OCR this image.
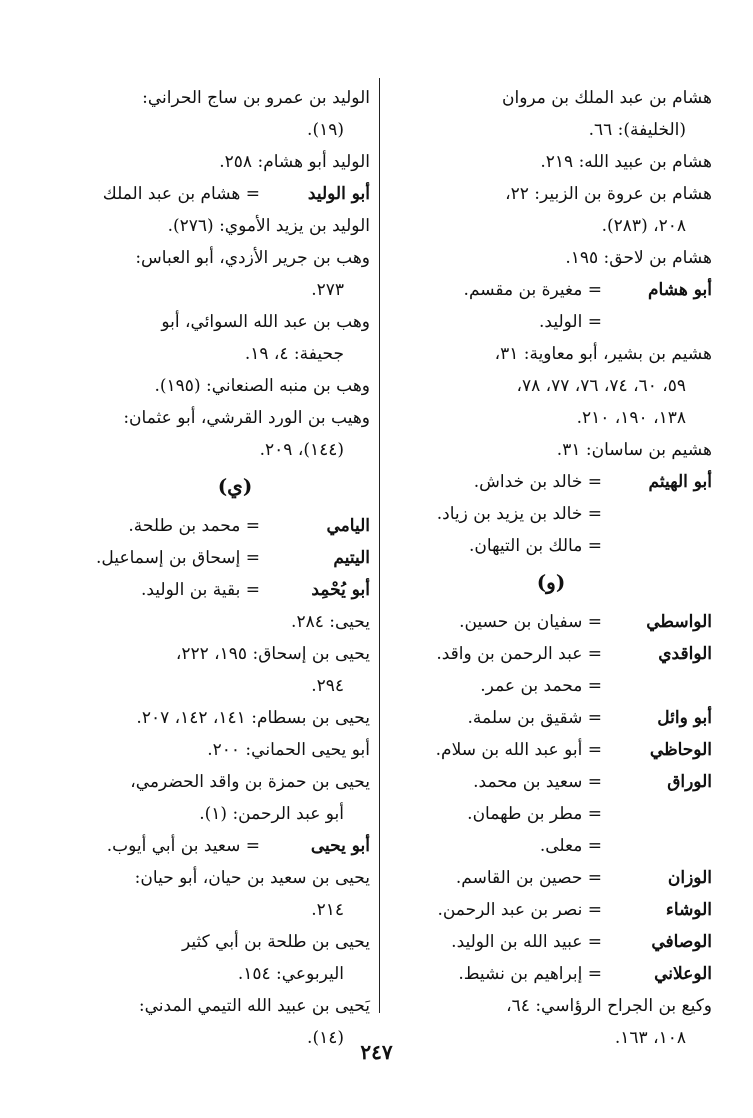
هشام بن عبد الملك بن مروان
(الخليفة): ٦٦.
هشام بن عبيد الله: ٢١٩.
هشام بن عروة بن الزبير: ٢٢،
٢٠٨، (٢٨٣).
هشام بن لاحق: ١٩٥.
أبو هشام
= مغيرة بن مقسم.
= الوليد.
هشيم بن بشير، أبو معاوية: ٣١،
٥٩، ٦٠، ٧٤، ٧٦، ٧٧، ٧٨،
١٣٨، ١٩٠، ٢١٠.
هشيم بن ساسان: ٣١.
أبو الهيثم
= خالد بن خداش.
= خالد بن يزيد بن زياد.
= مالك بن التيهان.
(و)
الواسطي
= سفيان بن حسين.
الواقدي
= عبد الرحمن بن واقد.
= محمد بن عمر.
أبو وائل
= شقيق بن سلمة.
الوحاظي
= أبو عبد الله بن سلام.
الوراق
= سعيد بن محمد.
= مطر بن طهمان.
= معلى.
الوزان
= حصين بن القاسم.
الوشاء
= نصر بن عبد الرحمن.
الوصافي
= عبيد الله بن الوليد.
الوعلاني
= إبراهيم بن نشيط.
وكيع بن الجراح الرؤاسي: ٦٤،
١٠٨، ١٦٣.
الوليد بن عمرو بن ساج الحراني:
(١٩).
الوليد أبو هشام: ٢٥٨.
أبو الوليد
= هشام بن عبد الملك
الوليد بن يزيد الأموي: (٢٧٦).
وهب بن جرير الأزدي، أبو العباس:
٢٧٣.
وهب بن عبد الله السوائي، أبو
جحيفة: ٤، ١٩.
وهب بن منبه الصنعاني: (١٩٥).
وهيب بن الورد القرشي، أبو عثمان:
(١٤٤)، ٢٠٩.
(ي)
اليامي
= محمد بن طلحة.
اليتيم
= إسحاق بن إسماعيل.
أبو يُحْمِد
= بقية بن الوليد.
يحيى: ٢٨٤.
يحيى بن إسحاق: ١٩٥، ٢٢٢،
٢٩٤.
يحيى بن بسطام: ١٤١، ١٤٢، ٢٠٧.
أبو يحيى الحماني: ٢٠٠.
يحيى بن حمزة بن واقد الحضرمي،
أبو عبد الرحمن: (١).
أبو يحيى
= سعيد بن أبي أيوب.
يحيى بن سعيد بن حيان، أبو حيان:
٢١٤.
يحيى بن طلحة بن أبي كثير
اليربوعي: ١٥٤.
يَحيى بن عبيد الله التيمي المدني:
(١٤).
٢٤٧
